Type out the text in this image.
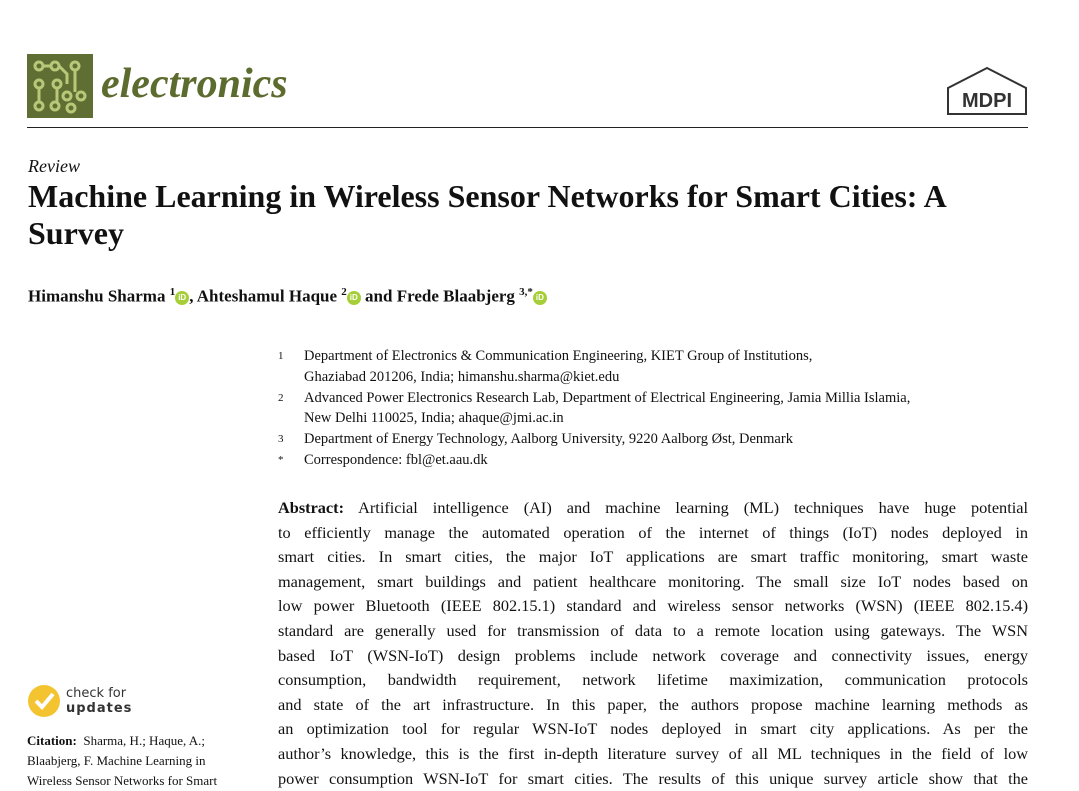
electronics	MDPI
Review
Machine Learning in Wireless Sensor Networks for Smart Cities: A Survey
Himanshu Sharma $^1$ iD , Ahteshamul Haque $^2$ iD and Frede Blaabjerg $^{3,*}$ iD
1	Department of Electronics & Communication Engineering, KIET Group of Institutions,
Ghaziabad 201206, India; himanshu.sharma@kiet.edu
2	Advanced Power Electronics Research Lab, Department of Electrical Engineering, Jamia Millia Islamia,
New Delhi 110025, India; ahaque@jmi.ac.in
3	Department of Energy Technology, Aalborg University, 9220 Aalborg Øst, Denmark
*	Correspondence: fbl@et.aau.dk
Abstract: Artificial intelligence (AI) and machine learning (ML) techniques have huge potential
to efficiently manage the automated operation of the internet of things (IoT) nodes deployed in
smart cities. In smart cities, the major IoT applications are smart traffic monitoring, smart waste
management, smart buildings and patient healthcare monitoring. The small size IoT nodes based on
low power Bluetooth (IEEE 802.15.1) standard and wireless sensor networks (WSN) (IEEE 802.15.4)
standard are generally used for transmission of data to a remote location using gateways. The WSN
based IoT (WSN-IoT) design problems include network coverage and connectivity issues, energy
consumption, bandwidth requirement, network lifetime maximization, communication protocols
and state of the art infrastructure. In this paper, the authors propose machine learning methods as
an optimization tool for regular WSN-IoT nodes deployed in smart city applications. As per the
author’s knowledge, this is the first in-depth literature survey of all ML techniques in the field of low
power consumption WSN-IoT for smart cities. The results of this unique survey article show that the
check for
updates
Citation: Sharma, H.; Haque, A.;
Blaabjerg, F. Machine Learning in
Wireless Sensor Networks for Smart
